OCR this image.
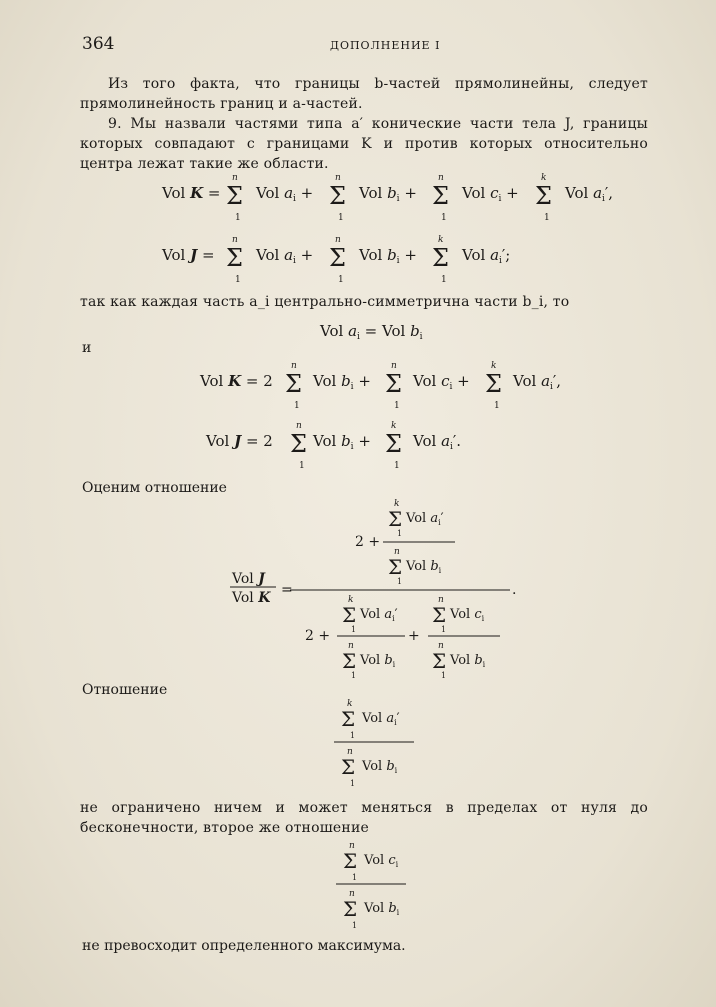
364	ДОПОЛНЕНИЕ I
Из того факта, что границы b-частей прямолинейны, следует прямолинейность границ и a-частей.
9. Мы назвали частями типа a′ конические части тела J, границы которых совпадают с границами K и против которых относительно центра лежат такие же области.
Vol K =
n
Σ
1
Vol $a_i$ +
n
Σ
1
Vol $b_i$ +
n
Σ
1
Vol $c_i$ +
k
Σ
1
Vol $a_i'$,
Vol J =
n
Σ
1
Vol $a_i$ +
n
Σ
1
Vol $b_i$ +
k
Σ
1
Vol $a_i'$;
так как каждая часть a_i центрально-симметрична части b_i, то
Vol $a_i$ = Vol $b_i$
и
Vol K = 2
n
Σ
1
Vol $b_i$ +
n
Σ
1
Vol $c_i$ +
k
Σ
1
Vol $a_i'$,
Vol J = 2
n
Σ
1
Vol $b_i$ +
k
Σ
1
Vol $a_i'$.
Оценим отношение
k
Σ Vol $a_i'$
1
2 +
n
Σ Vol $b_i$
1
Vol J
Vol K =	.
k
Σ Vol $a_i'$
1
n
Σ Vol $c_i$
1
2 +	+
n
Σ Vol $b_i$
1
n
Σ Vol $b_i$
1
Отношение
k
Σ Vol $a_i'$
1
n
Σ Vol $b_i$
1
не ограничено ничем и может меняться в пределах от нуля до бесконечности, второе же отношение
n
Σ Vol $c_i$
1
n
Σ Vol $b_i$
1
не превосходит определенного максимума.
